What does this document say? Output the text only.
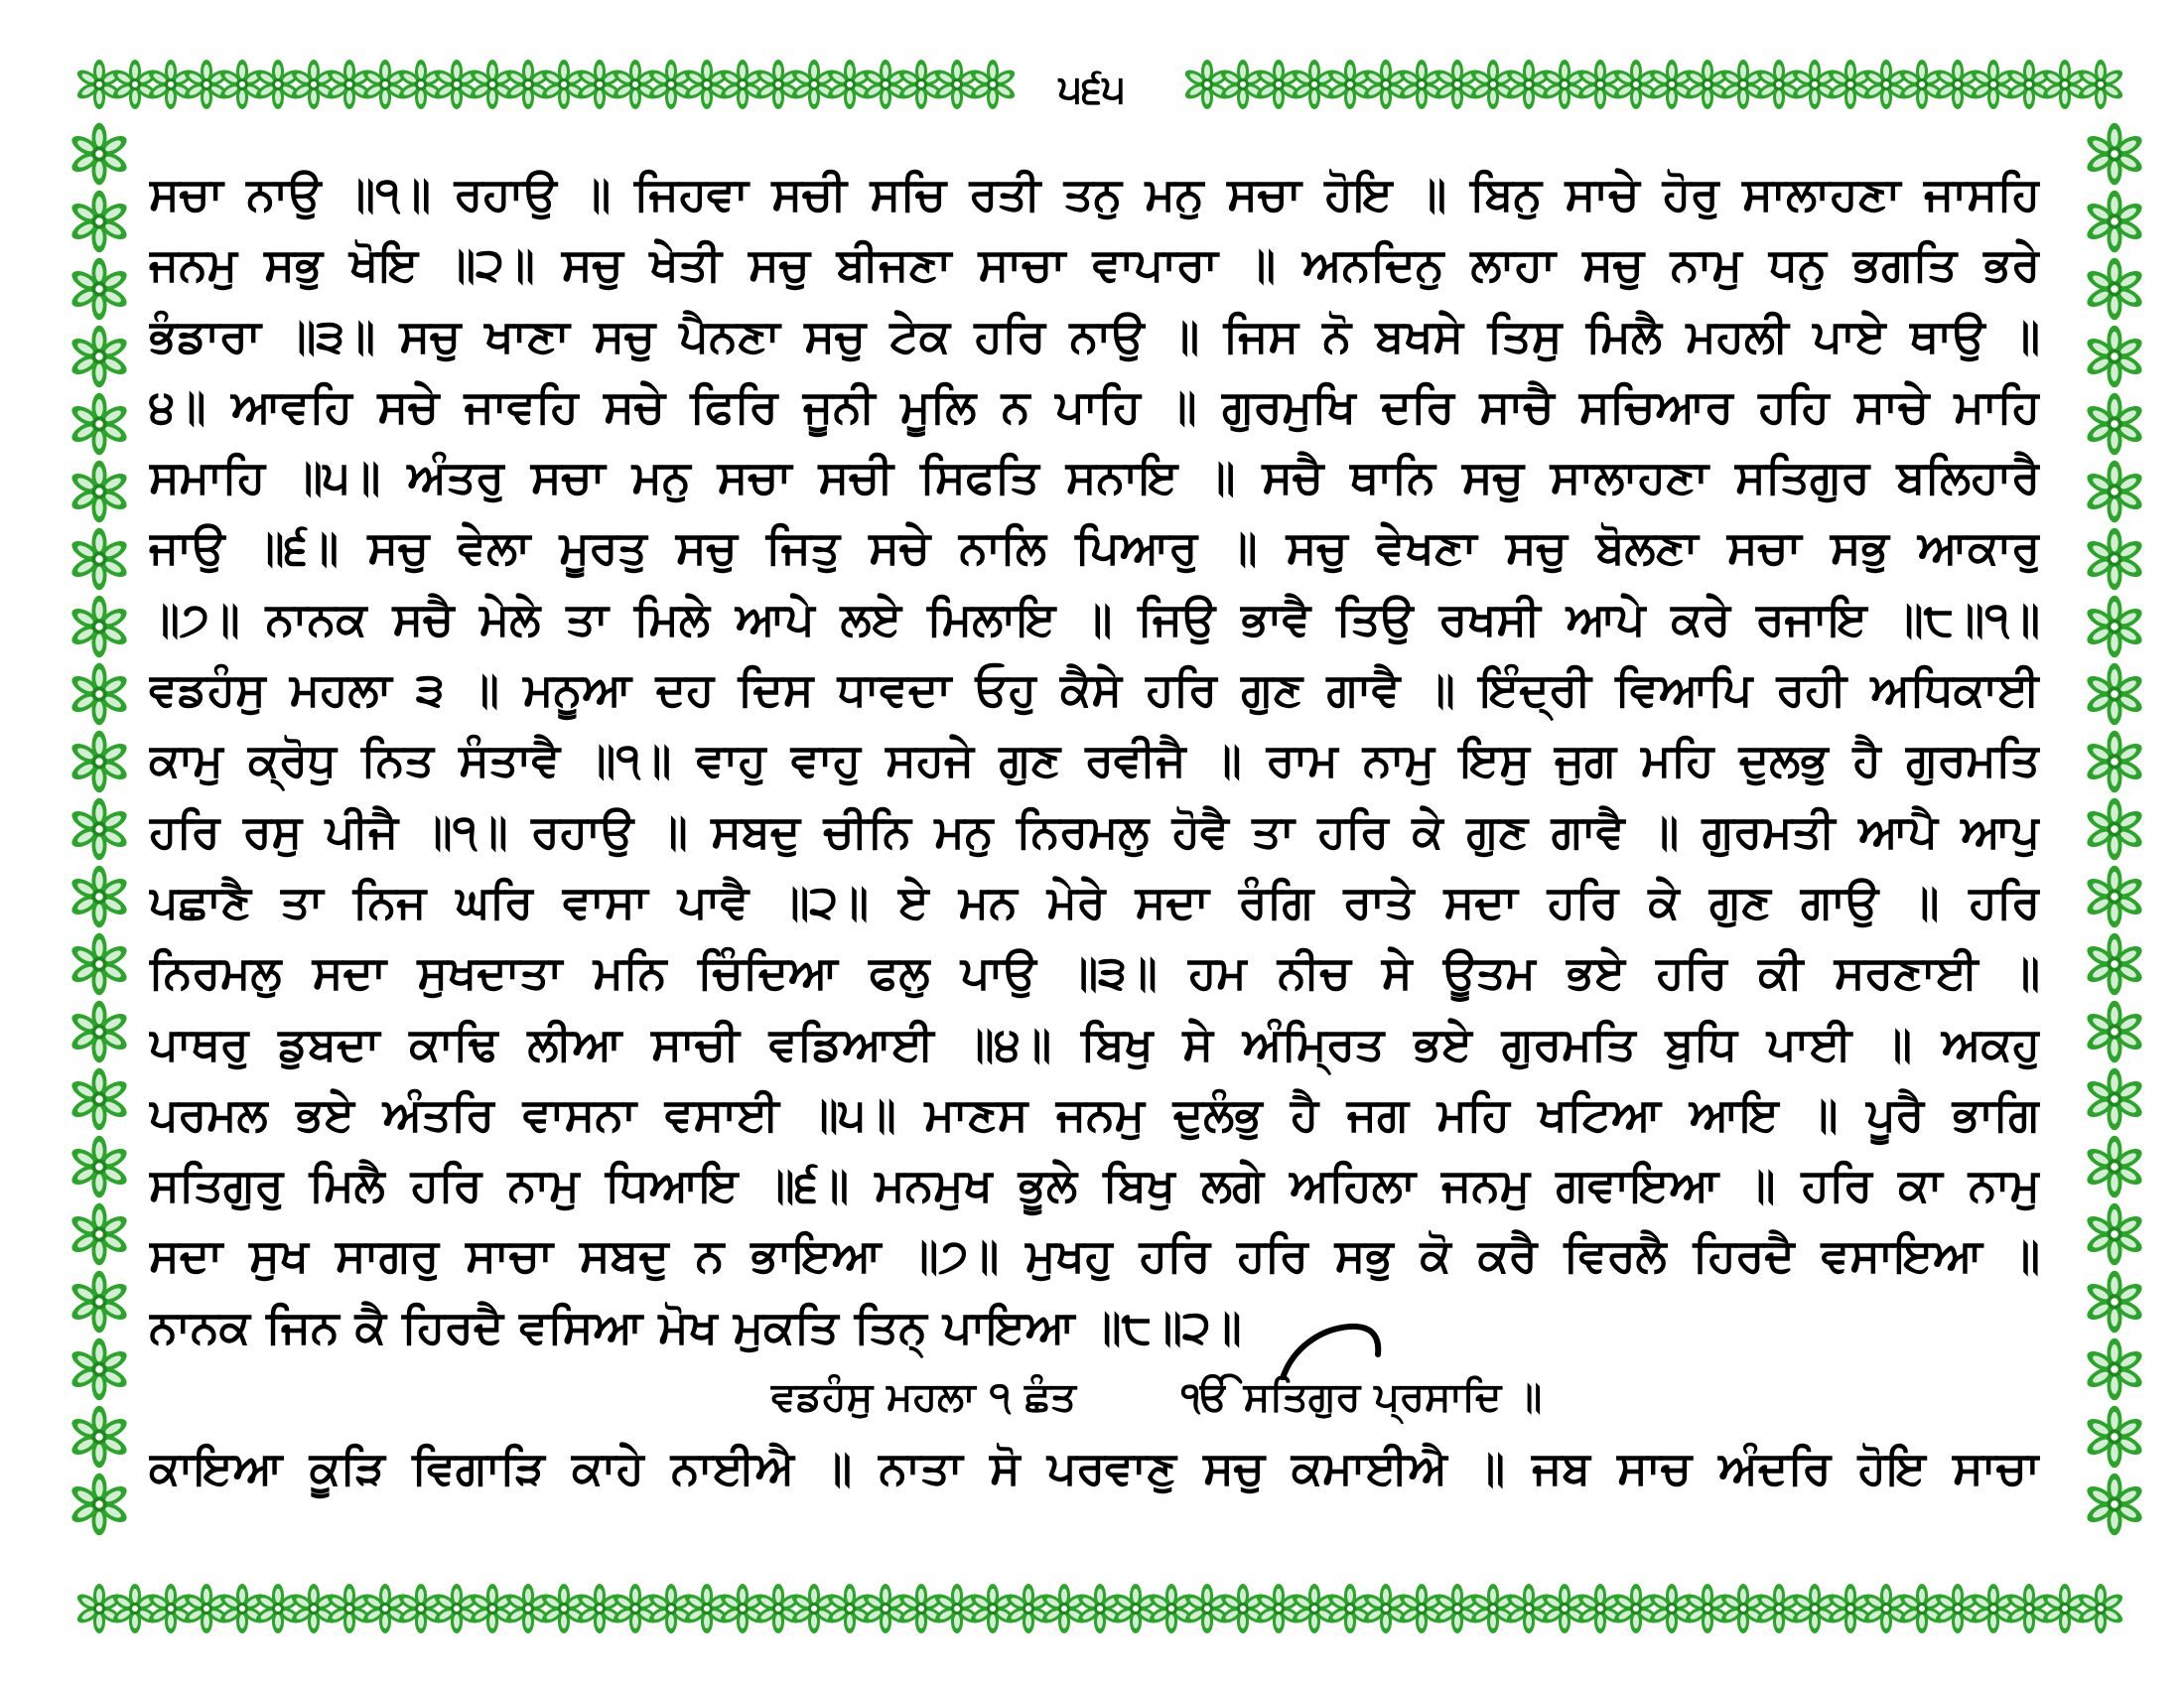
੫੬੫
ਸਚਾ ਨਾਉ ॥੧॥ ਰਹਾਉ ॥ ਜਿਹਵਾ ਸਚੀ ਸਚਿ ਰਤੀ ਤਨੁ ਮਨੁ ਸਚਾ ਹੋਇ ॥ ਬਿਨੁ ਸਾਚੇ ਹੋਰੁ ਸਾਲਾਹਣਾ ਜਾਸਹਿ
ਜਨਮੁ ਸਭੁ ਖੋਇ ॥੨॥ ਸਚੁ ਖੇਤੀ ਸਚੁ ਬੀਜਣਾ ਸਾਚਾ ਵਾਪਾਰਾ ॥ ਅਨਦਿਨੁ ਲਾਹਾ ਸਚੁ ਨਾਮੁ ਧਨੁ ਭਗਤਿ ਭਰੇ
ਭੰਡਾਰਾ ॥੩॥ ਸਚੁ ਖਾਣਾ ਸਚੁ ਪੈਨਣਾ ਸਚੁ ਟੇਕ ਹਰਿ ਨਾਉ ॥ ਜਿਸ ਨੋ ਬਖਸੇ ਤਿਸੁ ਮਿਲੈ ਮਹਲੀ ਪਾਏ ਥਾਉ ॥
੪॥ ਆਵਹਿ ਸਚੇ ਜਾਵਹਿ ਸਚੇ ਫਿਰਿ ਜੂਨੀ ਮੂਲਿ ਨ ਪਾਹਿ ॥ ਗੁਰਮੁਖਿ ਦਰਿ ਸਾਚੈ ਸਚਿਆਰ ਹਹਿ ਸਾਚੇ ਮਾਹਿ
ਸਮਾਹਿ ॥੫॥ ਅੰਤਰੁ ਸਚਾ ਮਨੁ ਸਚਾ ਸਚੀ ਸਿਫਤਿ ਸਨਾਇ ॥ ਸਚੈ ਥਾਨਿ ਸਚੁ ਸਾਲਾਹਣਾ ਸਤਿਗੁਰ ਬਲਿਹਾਰੈ
ਜਾਉ ॥੬॥ ਸਚੁ ਵੇਲਾ ਮੂਰਤੁ ਸਚੁ ਜਿਤੁ ਸਚੇ ਨਾਲਿ ਪਿਆਰੁ ॥ ਸਚੁ ਵੇਖਣਾ ਸਚੁ ਬੋਲਣਾ ਸਚਾ ਸਭੁ ਆਕਾਰੁ
॥੭॥ ਨਾਨਕ ਸਚੈ ਮੇਲੇ ਤਾ ਮਿਲੇ ਆਪੇ ਲਏ ਮਿਲਾਇ ॥ ਜਿਉ ਭਾਵੈ ਤਿਉ ਰਖਸੀ ਆਪੇ ਕਰੇ ਰਜਾਇ ॥੮॥੧॥
ਵਡਹੰਸੁ ਮਹਲਾ ੩ ॥ ਮਨੂਆ ਦਹ ਦਿਸ ਧਾਵਦਾ ਓਹੁ ਕੈਸੇ ਹਰਿ ਗੁਣ ਗਾਵੈ ॥ ਇੰਦ੍ਰੀ ਵਿਆਪਿ ਰਹੀ ਅਧਿਕਾਈ
ਕਾਮੁ ਕ੍ਰੋਧੁ ਨਿਤ ਸੰਤਾਵੈ ॥੧॥ ਵਾਹੁ ਵਾਹੁ ਸਹਜੇ ਗੁਣ ਰਵੀਜੈ ॥ ਰਾਮ ਨਾਮੁ ਇਸੁ ਜੁਗ ਮਹਿ ਦੁਲਭੁ ਹੈ ਗੁਰਮਤਿ
ਹਰਿ ਰਸੁ ਪੀਜੈ ॥੧॥ ਰਹਾਉ ॥ ਸਬਦੁ ਚੀਨਿ ਮਨੁ ਨਿਰਮਲੁ ਹੋਵੈ ਤਾ ਹਰਿ ਕੇ ਗੁਣ ਗਾਵੈ ॥ ਗੁਰਮਤੀ ਆਪੈ ਆਪੁ
ਪਛਾਣੈ ਤਾ ਨਿਜ ਘਰਿ ਵਾਸਾ ਪਾਵੈ ॥੨॥ ਏ ਮਨ ਮੇਰੇ ਸਦਾ ਰੰਗਿ ਰਾਤੇ ਸਦਾ ਹਰਿ ਕੇ ਗੁਣ ਗਾਉ ॥ ਹਰਿ
ਨਿਰਮਲੁ ਸਦਾ ਸੁਖਦਾਤਾ ਮਨਿ ਚਿੰਦਿਆ ਫਲੁ ਪਾਉ ॥੩॥ ਹਮ ਨੀਚ ਸੇ ਊਤਮ ਭਏ ਹਰਿ ਕੀ ਸਰਣਾਈ ॥
ਪਾਥਰੁ ਡੁਬਦਾ ਕਾਢਿ ਲੀਆ ਸਾਚੀ ਵਡਿਆਈ ॥੪॥ ਬਿਖੁ ਸੇ ਅੰਮ੍ਰਿਤ ਭਏ ਗੁਰਮਤਿ ਬੁਧਿ ਪਾਈ ॥ ਅਕਹੁ
ਪਰਮਲ ਭਏ ਅੰਤਰਿ ਵਾਸਨਾ ਵਸਾਈ ॥੫॥ ਮਾਣਸ ਜਨਮੁ ਦੁਲੰਭੁ ਹੈ ਜਗ ਮਹਿ ਖਟਿਆ ਆਇ ॥ ਪੂਰੈ ਭਾਗਿ
ਸਤਿਗੁਰੁ ਮਿਲੈ ਹਰਿ ਨਾਮੁ ਧਿਆਇ ॥੬॥ ਮਨਮੁਖ ਭੂਲੇ ਬਿਖੁ ਲਗੇ ਅਹਿਲਾ ਜਨਮੁ ਗਵਾਇਆ ॥ ਹਰਿ ਕਾ ਨਾਮੁ
ਸਦਾ ਸੁਖ ਸਾਗਰੁ ਸਾਚਾ ਸਬਦੁ ਨ ਭਾਇਆ ॥੭॥ ਮੁਖਹੁ ਹਰਿ ਹਰਿ ਸਭੁ ਕੋ ਕਰੈ ਵਿਰਲੈ ਹਿਰਦੈ ਵਸਾਇਆ ॥
ਨਾਨਕ ਜਿਨ ਕੈ ਹਿਰਦੈ ਵਸਿਆ ਮੋਖ ਮੁਕਤਿ ਤਿਨ੍ ਪਾਇਆ ॥੮॥੨॥
ਵਡਹੰਸੁ ਮਹਲਾ ੧ ਛੰਤ	ੴ ਸਤਿਗੁਰ ਪ੍ਰਸਾਦਿ ॥
ਕਾਇਆ ਕੂੜਿ ਵਿਗਾੜਿ ਕਾਹੇ ਨਾਈਐ ॥ ਨਾਤਾ ਸੋ ਪਰਵਾਣੁ ਸਚੁ ਕਮਾਈਐ ॥ ਜਬ ਸਾਚ ਅੰਦਰਿ ਹੋਇ ਸਾਚਾ
